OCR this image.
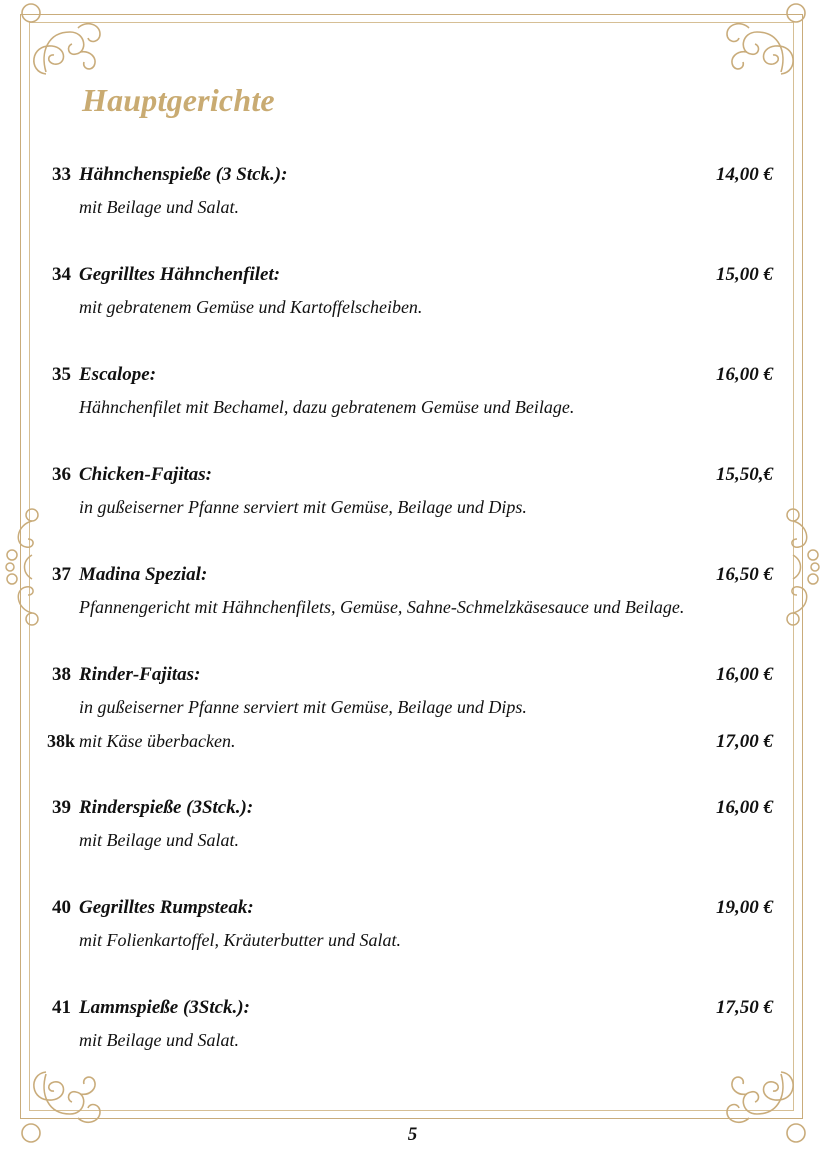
Hauptgerichte
33 Hähnchenspieße (3 Stck.):	14,00 €
mit Beilage und Salat.
34 Gegrilltes Hähnchenfilet:	15,00 €
mit gebratenem Gemüse und Kartoffelscheiben.
35 Escalope:	16,00 €
Hähnchenfilet mit Bechamel, dazu gebratenem Gemüse und Beilage.
36 Chicken-Fajitas:	15,50,€
in gußeiserner Pfanne serviert mit Gemüse, Beilage und Dips.
37 Madina Spezial:	16,50 €
Pfannengericht mit Hähnchenfilets, Gemüse, Sahne-Schmelzkäsesauce und Beilage.
38 Rinder-Fajitas:	16,00 €
in gußeiserner Pfanne serviert mit Gemüse, Beilage und Dips.
38k mit Käse überbacken.	17,00 €
39 Rinderspieße (3Stck.):	16,00 €
mit Beilage und Salat.
40 Gegrilltes Rumpsteak:	19,00 €
mit Folienkartoffel, Kräuterbutter und Salat.
41 Lammspieße (3Stck.):	17,50 €
mit Beilage und Salat.
5
